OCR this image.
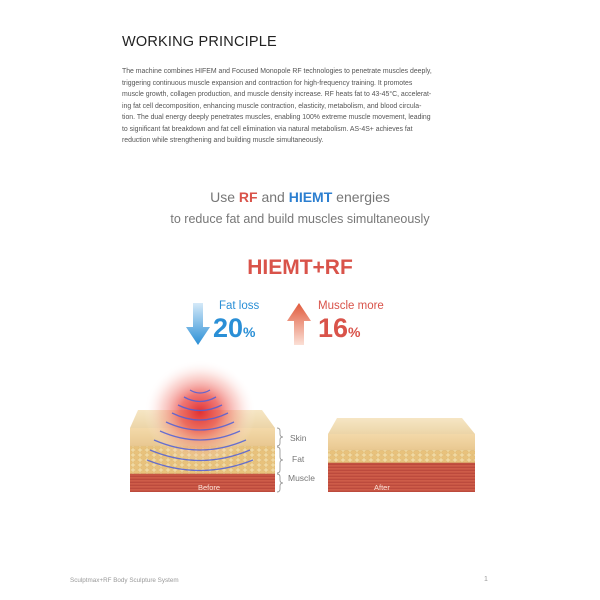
WORKING PRINCIPLE
The machine combines HIFEM and Focused Monopole RF technologies to penetrate muscles deeply,
triggering continuous muscle expansion and contraction for high-frequency training. It promotes
muscle growth, collagen production, and muscle density increase. RF heats fat to 43-45°C, accelerat-
ing fat cell decomposition, enhancing muscle contraction, elasticity, metabolism, and blood circula-
tion. The dual energy deeply penetrates muscles, enabling 100% extreme muscle movement, leading
to significant fat breakdown and fat cell elimination via natural metabolism. AS-4S+ achieves fat
reduction while strengthening and building muscle simultaneously.
Use RF and HIEMT energies
to reduce fat and build muscles simultaneously
HIEMT+RF
Fat loss
20%
Muscle more
16%
Skin
Fat
Muscle
Before	After
Sculptmax+RF Body Sculpture System	1
